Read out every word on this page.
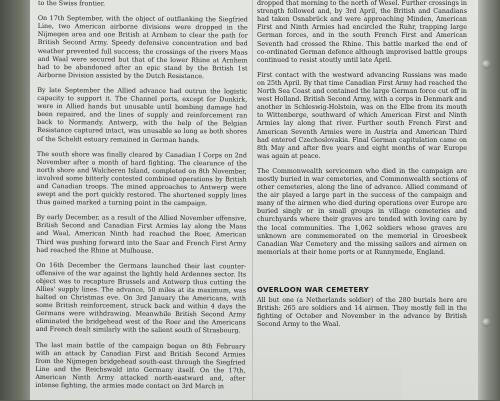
to the Swiss frontier.

On 17th September, with the object of outflanking the Siegfried Line, two American airborne divisions were dropped in the Nijmegen area and one British at Arnhem to clear the path for British Second Army. Speedy defensive concentration and bad weather prevented full success; the crossings of the rivers Maas and Waal were secured but that of the lower Rhine at Arnhem had to be abandoned after an epic stand by the British 1st Airborne Division assisted by the Dutch Resistance.

By late September the Allied advance had outrun the logistic capacity to support it. The Channel ports, except for Dunkirk, were in Allied hands but unusable until bombing damage had been repaired, and the lines of supply and reinforcement ran back to Normandy. Antwerp, with the help of the Belgian Resistance captured intact, was unusable so long as both shores of the Scheldt estuary remained in German hands.

The south shore was finally cleared by Canadian I Corps on 2nd November after a month of hard fighting. The clearance of the north shore and Walcheren Island, completed on 8th November, involved some bitterly contested combined operations by British and Canadian troops. The mined approaches to Antwerp were swept and the port quickly restored. The shortened supply lines thus gained marked a turning point in the campaign.

By early December, as a result of the Allied November offensive, British Second and Canadian First Armies lay along the Maas and Waal, American Ninth had reached the Roer, American Third was pushing forward into the Saar and French First Army had reached the Rhine at Mulhouse.

On 16th December the Germans launched their last counter-offensive of the war against the lightly held Ardennes sector. Its object was to recapture Brussels and Antwerp thus cutting the Allies' supply lines. The advance, 50 miles at its maximum, was halted on Christmas eve. On 3rd January the Americans, with some British reinforcement, struck back and within 4 days the Germans were withdrawing. Meanwhile British Second Army eliminated the bridgehead west of the Roer and the Americans and French dealt similarly with the salient south of Strasbourg.

The last main battle of the campaign began on 8th February with an attack by Canadian First and British Second Armies from the Nijmegen bridgehead south-east through the Siegfried Line and the Reichswald into Germany itself. On the 17th, American Ninth Army attacked north-eastward and, after intense fighting, the armies made contact on 3rd March in

dropped that morning to the north of Wesel. Further crossings in strength followed and, by 3rd April, the British and Canadians had taken Osnabrück and were approaching Minden, American First and Ninth Armies had encircled the Ruhr, trapping large German forces, and in the south French First and American Seventh had crossed the Rhine. This battle marked the end of co-ordinated German defence although improvised battle groups continued to resist stoutly until late April.

First contact with the westward advancing Russians was made on 25th April. By that time Canadian First Army had reached the North Sea Coast and contained the large German force cut off in west Holland. British Second Army, with a corps in Denmark and another in Schleswig-Holstein, was on the Elbe from its mouth to Wittenberge, southward of which American First and Ninth Armies lay along that river. Further south French First and American Seventh Armies were in Austria and American Third had entered Czechoslovakia. Final German capitulation came on 8th May and after five years and eight months of war Europe was again at peace.

The Commonwealth servicemen who died in the campaign are mostly buried in war cemeteries, and Commonwealth sections of other cemeteries, along the line of advance. Allied command of the air played a large part in the success of the campaign and many of the airmen who died during operations over Europe are buried singly or in small groups in village cemeteries and churchyards where their graves are tended with loving care by the local communities. The 1,062 soldiers whose graves are unknown are commemorated on the memorial in Groesbeek Canadian War Cemetery and the missing sailors and airmen on memorials at their home ports or at Runnymede, England.

OVERLOON WAR CEMETERY

All but one (a Netherlands soldier) of the 280 burials here are British: 265 are soldiers and 14 airmen. They mostly fell in the fighting of October and November in the advance by British Second Army to the Waal.
